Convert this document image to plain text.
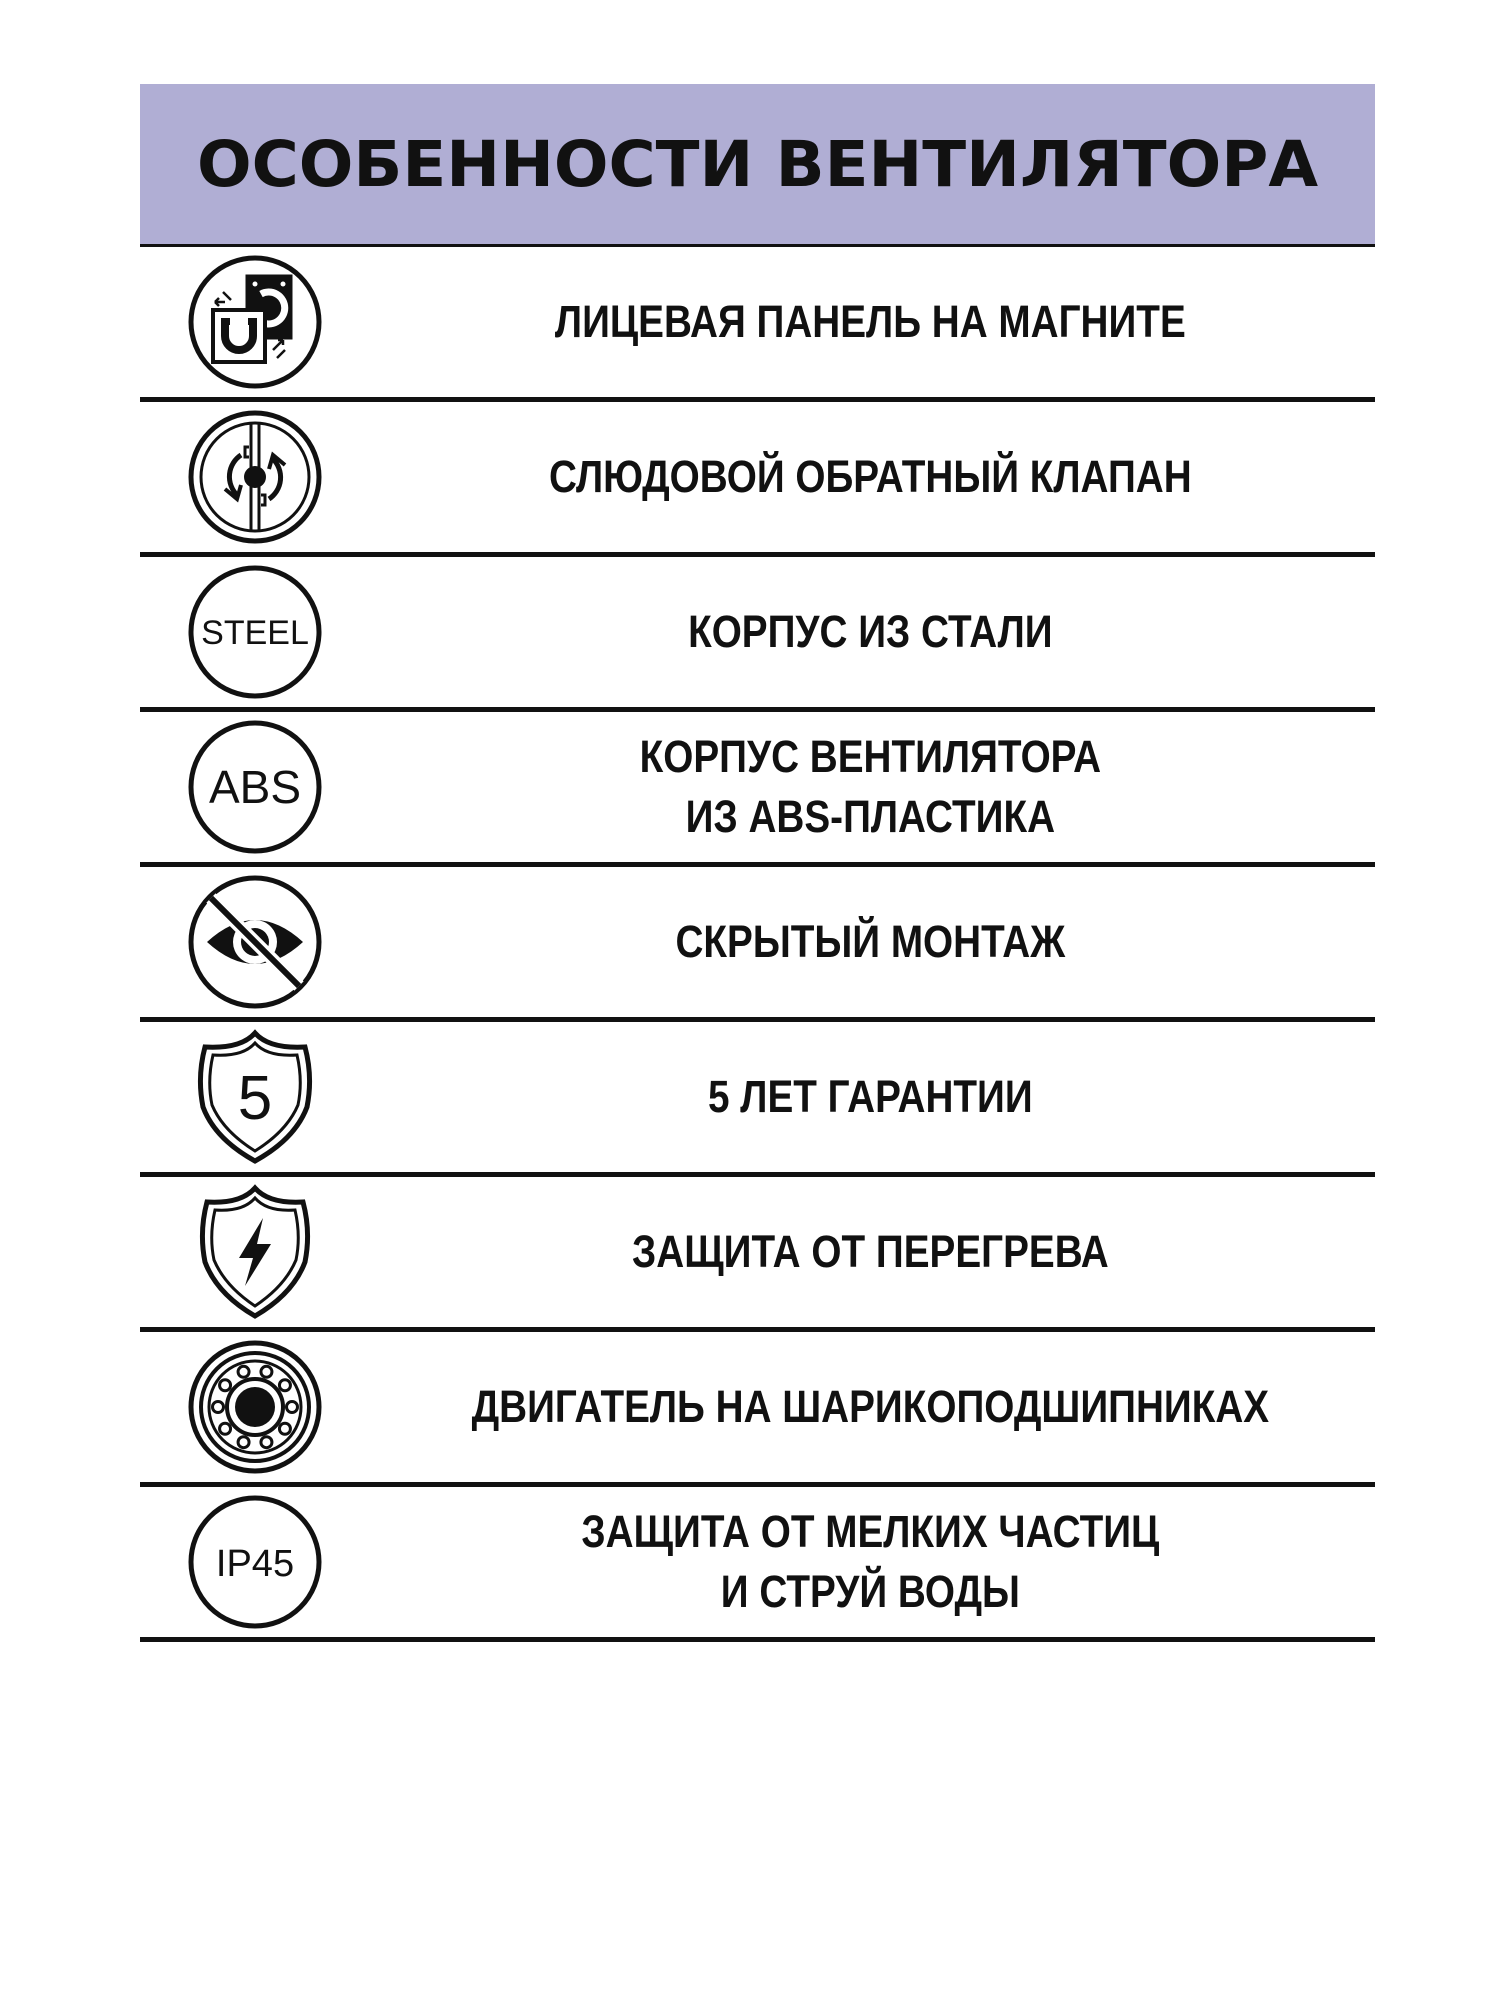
ОСОБЕННОСТИ ВЕНТИЛЯТОРА
ЛИЦЕВАЯ ПАНЕЛЬ НА МАГНИТЕ
СЛЮДОВОЙ ОБРАТНЫЙ КЛАПАН
STEEL	КОРПУС ИЗ СТАЛИ
ABS
КОРПУС ВЕНТИЛЯТОРА
ИЗ ABS-ПЛАСТИКА
СКРЫТЫЙ МОНТАЖ
5	5 ЛЕТ ГАРАНТИИ
ЗАЩИТА ОТ ПЕРЕГРЕВА
ДВИГАТЕЛЬ НА ШАРИКОПОДШИПНИКАХ
IP45
ЗАЩИТА ОТ МЕЛКИХ ЧАСТИЦ
И СТРУЙ ВОДЫ
